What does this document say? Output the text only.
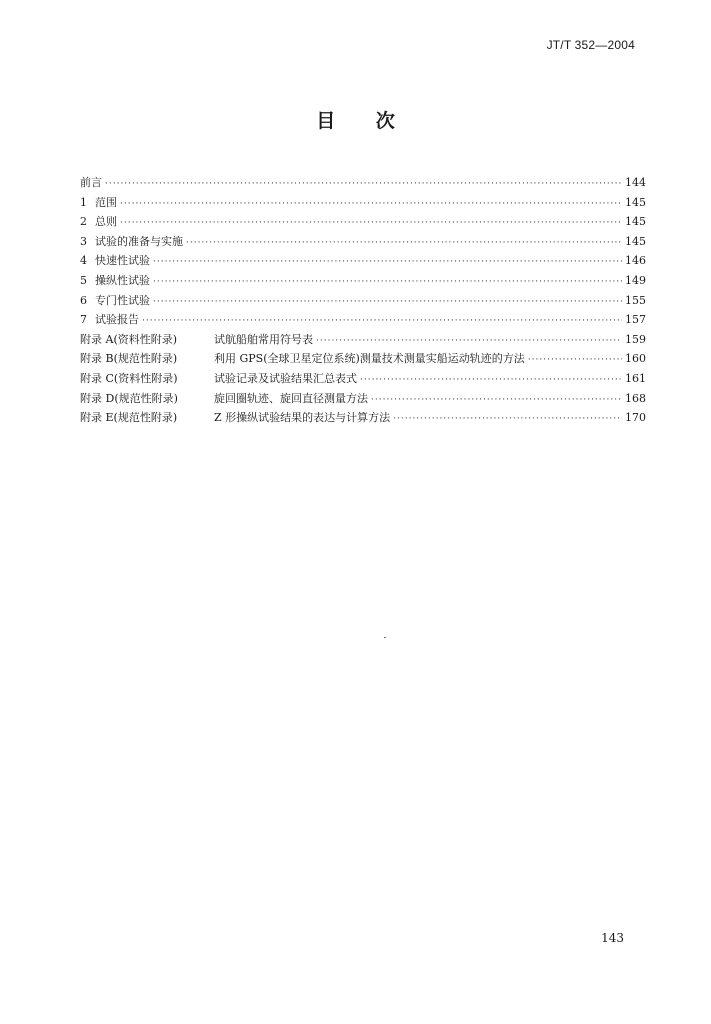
JT/T 352—2004
目 次
前言 ·····	144
1 范围 ·····	145
2 总则 ·····	145
3 试验的准备与实施 ·····	145
4 快速性试验 ·····	146
5 操纵性试验 ·····	149
6 专门性试验 ·····	155
7 试验报告 ·····	157
附录 A(资料性附录)	试航船舶常用符号表 ·····	159
附录 B(规范性附录)	利用 GPS(全球卫星定位系统)测量技术测量实船运动轨迹的方法 ·····	160
附录 C(资料性附录)	试验记录及试验结果汇总表式 ·····	161
附录 D(规范性附录)	旋回圈轨迹、旋回直径测量方法 ·····	168
附录 E(规范性附录)	Z 形操纵试验结果的表达与计算方法 ·····	170
143
